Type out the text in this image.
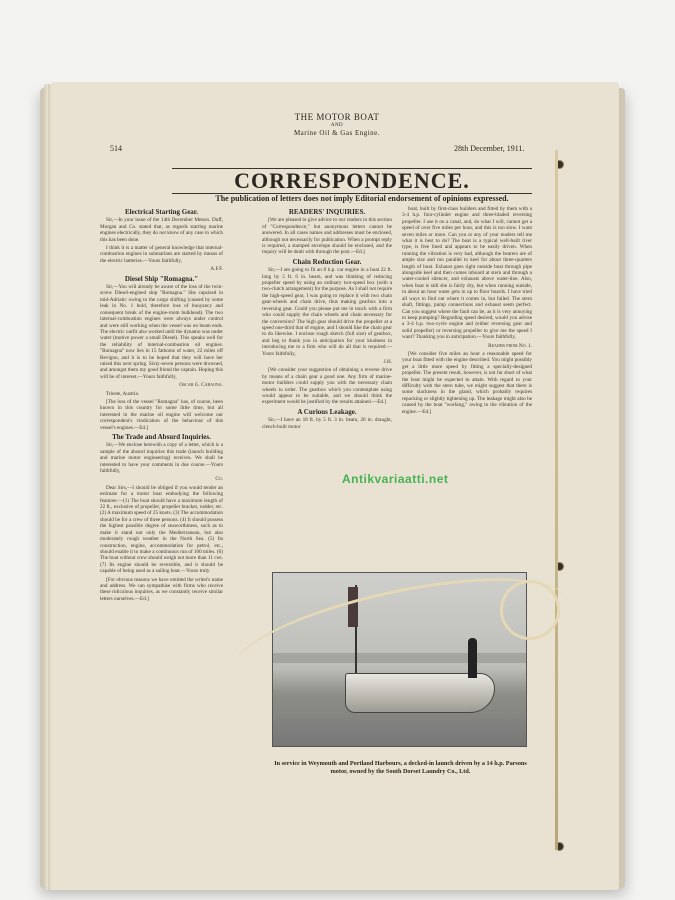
514
THE MOTOR BOAT
AND
Marine Oil & Gas Engine.
28th December, 1911.
CORRESPONDENCE.
The publication of letters does not imply Editorial endorsement of opinions expressed.
Electrical Starting Gear.

Sir,—In your issue of the 14th December Messrs. Duff, Morgan and Co. stated that, as regards starting marine engines electrically, they do not know of any case in which this has been done.

I think it is a matter of general knowledge that internal-combustion engines in submarines are started by means of the electric batteries.—Yours faithfully,

A.F.F.
Diesel Ship "Romagna."

Sir,—You will already be aware of the loss of the twin-screw Diesel-engined ship "Romagna." She capsized in mid-Adriatic owing to the cargo shifting (caused by some leak in No. 1 hold, therefore loss of buoyancy and consequent break of the engine-room bulkhead). The two internal-combustion engines were always under control and were still working when the vessel was on beam ends. The electric outfit also worked until the dynamo was under water (motive power a small Diesel). This speaks well for the reliability of internal-combustion oil engines. "Romagna" now lies in 15 fathoms of water, 22 miles off Bevigno, and it is to be hoped that they will have her raised this next spring. Sixty-seven persons were drowned, and amongst them my good friend the captain. Hoping this will be of interest.—Yours faithfully,

Oscar G. Caraona.

Trieste, Austria.

[The loss of the vessel "Romagna" has, of course, been known in this country for some little time, but all interested in the marine oil engine will welcome our correspondent's vindication of the behaviour of this vessel's engines.—Ed.]

The Trade and Absurd Inquiries.

Sir,—We enclose herewith a copy of a letter, which is a sample of the absurd inquiries this trade (launch building and marine motor engineering) receives. We shall be interested to have your comments in due course.—Yours faithfully,

Co.

Dear Sirs,—I should be obliged if you would tender an estimate for a motor boat embodying the following features:—(1) The boat should have a maximum length of 22 ft., exclusive of propeller, propeller bracket, rudder, etc. (2) A maximum speed of 25 knots. (3) The accommodation should be for a crew of three persons. (4) It should possess the highest possible degree of seaworthiness, such as to make it stand not only the Mediterranean, but also moderately rough weather in the North Sea. (5) Its construction, engine, accommodation for petrol, etc., should enable it to make a continuous run of 100 miles. (6) The boat without crew should weigh not more than 11 cwt. (7) Its engine should be reversible, and it should be capable of being used as a sailing boat.—Yours truly.

[For obvious reasons we have omitted the writer's name and address. We can sympathise with firms who receive these ridiculous inquiries, as we constantly receive similar letters ourselves.—Ed.]

READERS' INQUIRIES.

[We are pleased to give advice to our readers in this section of "Correspondence," but anonymous letters cannot be answered. In all cases names and addresses must be enclosed, although not necessarily for publication. When a prompt reply is required, a stamped envelope should be enclosed, and the inquiry will be dealt with through the post.—Ed.]

Chain Reduction Gear.

Sir,—I am going to fit an 8 h.p. car engine in a boat 22 ft. long by 5 ft. 6 in. beam, and was thinking of reducing propeller speed by using an ordinary two-speed box (with a two-clutch arrangement) for the purpose. As I shall not require the high-speed gear, I was going to replace it with two chain gear-wheels and chain drive, thus making gearbox into a reversing gear. Could you please put me in touch with a firm who could supply the chain wheels and chain necessary for the conversion? The high gear should drive the propeller at a speed one-third that of engine, and I should like the chain gear to do likewise. I enclose rough sketch (full size) of gearbox, and beg to thank you in anticipation for your kindness in introducing me to a firm who will do all that is required.—Yours faithfully,

J.H.

[We consider your suggestion of obtaining a reverse drive by means of a chain gear a good one. Any firm of marine-motor builders could supply you with the necessary chain wheels to order. The gearbox which you contemplate using would appear to be suitable, and we should think the experiment would be justified by the results attained.—Ed.]

A Curious Leakage.

Sir,—I have an 18 ft. by 5 ft. 3 in. beam, 20 in. draught, clench-built motor

boat, built by first-class builders and fitted by them with a 3-4 h.p. four-cylinder engine and three-bladed reversing propeller. I use it on a canal, and, do what I will, cannot get a speed of over five miles per hour, and this is too slow. I want seven miles or more. Can you or any of your readers tell me what it is best to do? The boat is a typical well-built river type, is free lined and appears to be easily driven. When running the vibration is very bad, although the bearers are of ample size and run parallel to keel for about three-quarters length of boat. Exhaust goes right outside boat through pipe alongside keel and then comes inboard at stern and through a water-cooled silencer, and exhausts above water-line. Also, when boat is still she is fairly dry, but when running outside, in about an hour water gets in up to floor boards. I have tried all ways to find out where it comes in, but failed. The stern shaft, fittings, pump connections and exhaust seem perfect. Can you suggest where the fault can be, as it is very annoying to keep pumping? Regarding speed desired, would you advise a 3-4 h.p. two-cycle engine and (either reversing gear and solid propeller) or reversing propeller to give me the speed I want? Thanking you in anticipation.—Yours faithfully,

Reader from No. 1.

[We consider five miles an hour a reasonable speed for your boat fitted with the engine described. You might possibly get a little more speed by fitting a specially-designed propeller. The present result, however, is not far short of what the boat might be expected to attain. With regard to your difficulty with the stern tube, we might suggest that there is some slackness in the gland, which probably requires repacking or slightly tightening up. The leakage might also be caused by the boat "working," owing to the vibration of the engine.—Ed.]

In service in Weymouth and Portland Harbours, a decked-in launch driven by a 14 h.p. Parsons motor, owned by the South Dorset Laundry Co., Ltd.
Antikvariaatti.net
